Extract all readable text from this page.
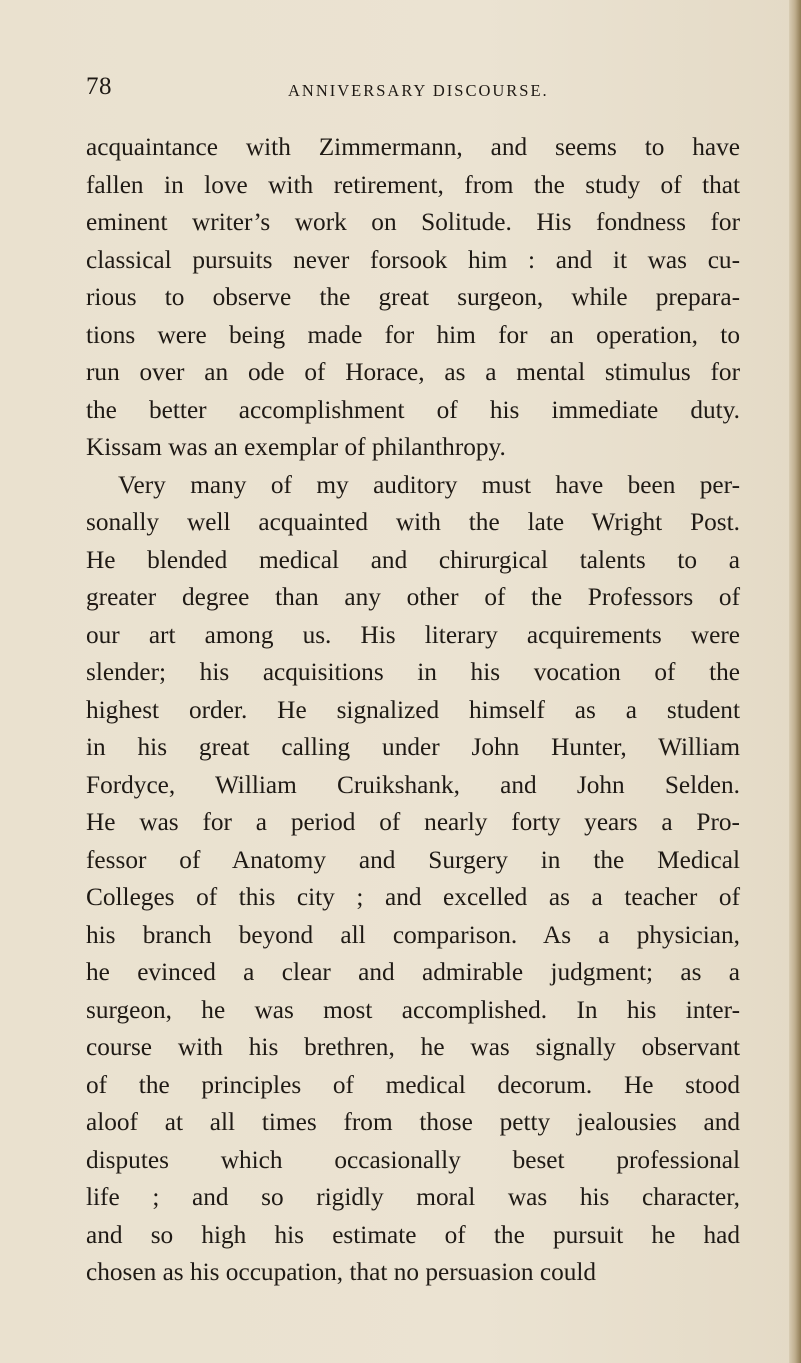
78	ANNIVERSARY DISCOURSE.
acquaintance with Zimmermann, and seems to have
fallen in love with retirement, from the study of that
eminent writer’s work on Solitude. His fondness for
classical pursuits never forsook him : and it was cu-
rious to observe the great surgeon, while prepara-
tions were being made for him for an operation, to
run over an ode of Horace, as a mental stimulus for
the better accomplishment of his immediate duty.
Kissam was an exemplar of philanthropy.
Very many of my auditory must have been per-
sonally well acquainted with the late Wright Post.
He blended medical and chirurgical talents to a
greater degree than any other of the Professors of
our art among us. His literary acquirements were
slender; his acquisitions in his vocation of the
highest order. He signalized himself as a student
in his great calling under John Hunter, William
Fordyce, William Cruikshank, and John Selden.
He was for a period of nearly forty years a Pro-
fessor of Anatomy and Surgery in the Medical
Colleges of this city ; and excelled as a teacher of
his branch beyond all comparison. As a physician,
he evinced a clear and admirable judgment; as a
surgeon, he was most accomplished. In his inter-
course with his brethren, he was signally observant
of the principles of medical decorum. He stood
aloof at all times from those petty jealousies and
disputes which occasionally beset professional
life ; and so rigidly moral was his character,
and so high his estimate of the pursuit he had
chosen as his occupation, that no persuasion could
